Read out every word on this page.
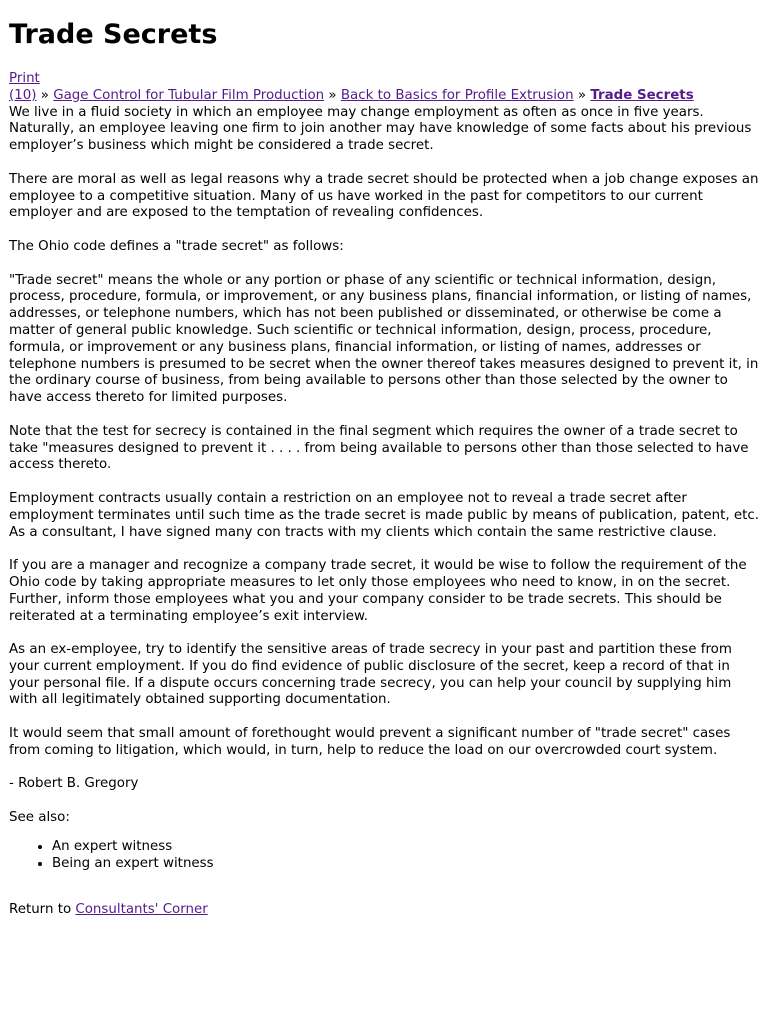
Trade Secrets
Print
(10) » Gage Control for Tubular Film Production » Back to Basics for Profile Extrusion » Trade Secrets

We live in a fluid society in which an employee may change employment as often as once in five years. Naturally, an employee leaving one firm to join another may have knowledge of some facts about his previous employer’s business which might be considered a trade secret.

There are moral as well as legal reasons why a trade secret should be protected when a job change exposes an employee to a competitive situation. Many of us have worked in the past for competitors to our current employer and are exposed to the temptation of revealing confidences.

The Ohio code defines a "trade secret" as follows:

"Trade secret" means the whole or any portion or phase of any scientific or technical information, design, process, procedure, formula, or improvement, or any business plans, financial information, or listing of names, addresses, or telephone numbers, which has not been published or disseminated, or otherwise be come a matter of general public knowledge. Such scientific or technical information, design, process, procedure, formula, or improvement or any business plans, financial information, or listing of names, addresses or telephone numbers is presumed to be secret when the owner thereof takes measures designed to prevent it, in the ordinary course of business, from being available to persons other than those selected by the owner to have access thereto for limited purposes.

Note that the test for secrecy is contained in the final segment which requires the owner of a trade secret to take "measures designed to prevent it . . . . from being available to persons other than those selected to have access thereto.

Employment contracts usually contain a restriction on an employee not to reveal a trade secret after employment terminates until such time as the trade secret is made public by means of publication, patent, etc. As a consultant, I have signed many con tracts with my clients which contain the same restrictive clause.

If you are a manager and recognize a company trade secret, it would be wise to follow the requirement of the Ohio code by taking appropriate measures to let only those employees who need to know, in on the secret. Further, inform those employees what you and your company consider to be trade secrets. This should be reiterated at a terminating employee’s exit interview.

As an ex-employee, try to identify the sensitive areas of trade secrecy in your past and partition these from your current employment. If you do find evidence of public disclosure of the secret, keep a record of that in your personal file. If a dispute occurs concerning trade secrecy, you can help your council by supplying him with all legitimately obtained supporting documentation.

It would seem that small amount of forethought would prevent a significant number of "trade secret" cases from coming to litigation, which would, in turn, help to reduce the load on our overcrowded court system.

- Robert B. Gregory

See also:

• An expert witness
• Being an expert witness
Return to Consultants' Corner
